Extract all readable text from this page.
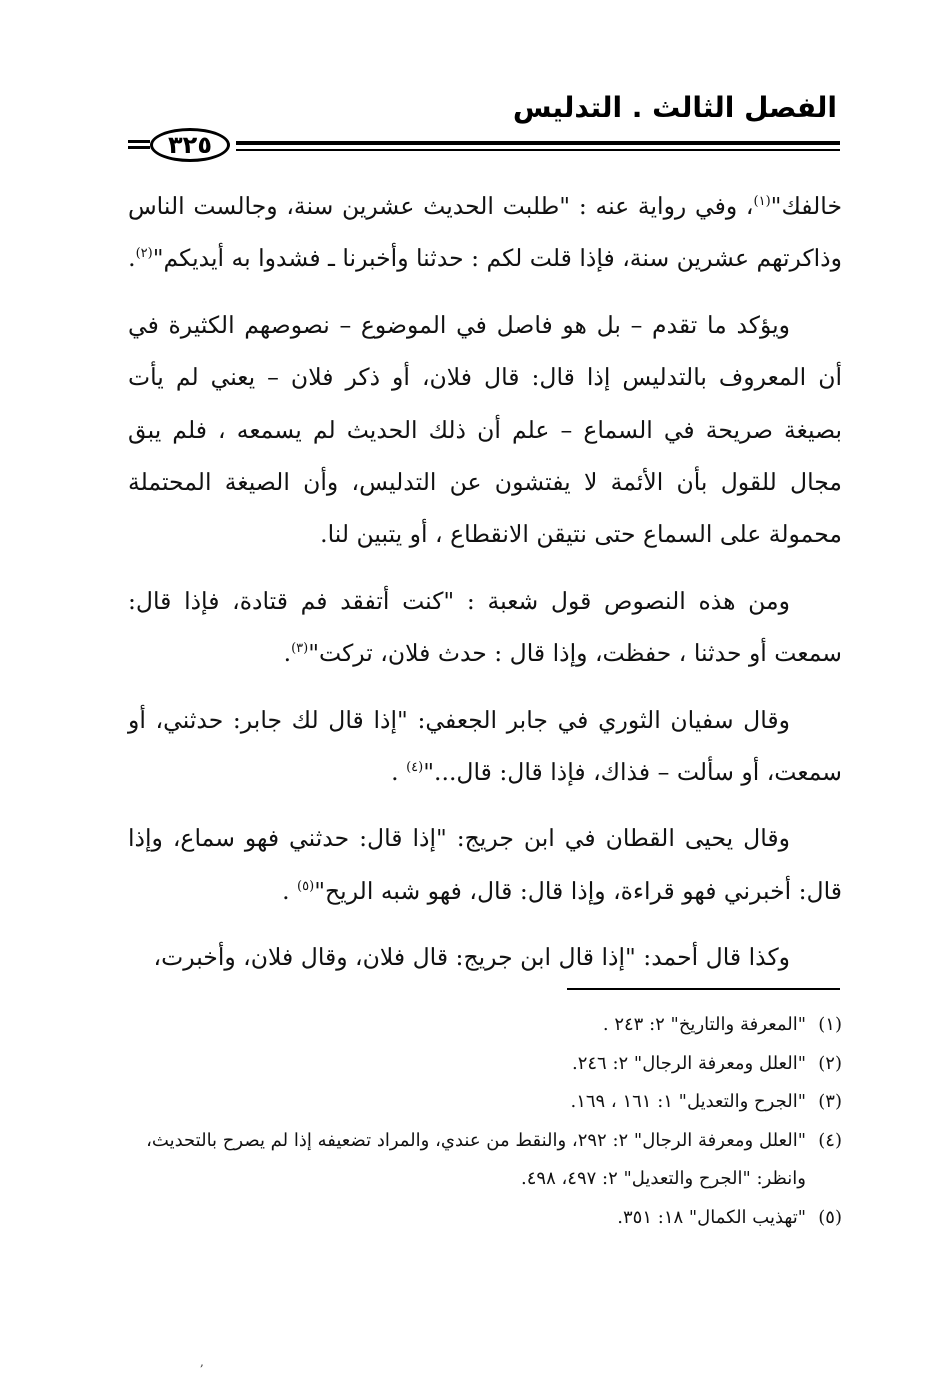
الفصل الثالث . التدليس
٣٢٥

خالفك"$^{(١)}$، وفي رواية عنه : "طلبت الحديث عشرين سنة، وجالست الناس وذاكرتهم عشرين سنة، فإذا قلت لكم : حدثنا وأخبرنا ـ فشدوا به أيديكم"$^{(٢)}$.

ويؤكد ما تقدم – بل هو فاصل في الموضوع – نصوصهم الكثيرة في أن المعروف بالتدليس إذا قال: قال فلان، أو ذكر فلان – يعني لم يأت بصيغة صريحة في السماع – علم أن ذلك الحديث لم يسمعه ، فلم يبق مجال للقول بأن الأئمة لا يفتشون عن التدليس، وأن الصيغة المحتملة محمولة على السماع حتى نتيقن الانقطاع ، أو يتبين لنا.

ومن هذه النصوص قول شعبة : "كنت أتفقد فم قتادة، فإذا قال: سمعت أو حدثنا ، حفظت، وإذا قال : حدث فلان، تركت"$^{(٣)}$.

وقال سفيان الثوري في جابر الجعفي: "إذا قال لك جابر: حدثني، أو سمعت، أو سألت – فذاك، فإذا قال: قال..."$^{(٤)}$ .

وقال يحيى القطان في ابن جريج: "إذا قال: حدثني فهو سماع، وإذا قال: أخبرني فهو قراءة، وإذا قال: قال، فهو شبه الريح"$^{(٥)}$ .

وكذا قال أحمد: "إذا قال ابن جريج: قال فلان، وقال فلان، وأخبرت،

(١)
"المعرفة والتاريخ" ٢: ٢٤٣ .
(٢)
"العلل ومعرفة الرجال" ٢: ٢٤٦.
(٣)
"الجرح والتعديل" ١: ١٦١ ، ١٦٩.
(٤)
"العلل ومعرفة الرجال" ٢: ٢٩٢، والنقط من عندي، والمراد تضعيفه إذا لم يصرح بالتحديث،
وانظر: "الجرح والتعديل" ٢: ٤٩٧، ٤٩٨.
(٥)
"تهذيب الكمال" ١٨: ٣٥١.
,
